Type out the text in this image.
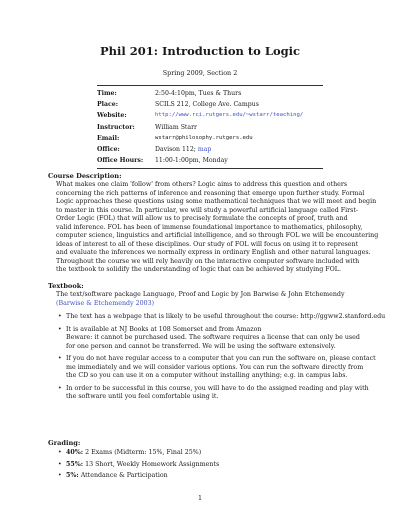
Phil 201: Introduction to Logic
Spring 2009, Section 2
Time:	2:50-4:10pm, Tues & Thurs
Place:	SCILS 212, College Ave. Campus
Website:	http://www.rci.rutgers.edu/~wstarr/teaching/
Instructor:	William Starr
Email:	wstarr@philosophy.rutgers.edu
Office:	Davison 112; map
Office Hours:	11:00-1:00pm, Monday
Course Description:
What makes one claim 'follow' from others? Logic aims to address this question and others
concerning the rich patterns of inference and reasoning that emerge upon further study. Formal
Logic approaches these questions using some mathematical techniques that we will meet and begin
to master in this course. In particular, we will study a powerful artificial language called First-
Order Logic (FOL) that will allow us to precisely formulate the concepts of proof, truth and
valid inference. FOL has been of immense foundational importance to mathematics, philosophy,
computer science, linguistics and artificial intelligence, and so through FOL we will be encountering
ideas of interest to all of these disciplines. Our study of FOL will focus on using it to represent
and evaluate the inferences we normally express in ordinary English and other natural languages.
Throughout the course we will rely heavily on the interactive computer software included with
the textbook to solidify the understanding of logic that can be achieved by studying FOL.
Textbook:
The text/software package Language, Proof and Logic by Jon Barwise & John Etchemendy
(Barwise & Etchemendy 2003)
• The text has a webpage that is likely to be useful throughout the course: http://ggww2.stanford.edu
• It is available at NJ Books at 108 Somerset and from Amazon
Beware: it cannot be purchased used. The software requires a license that can only be used
for one person and cannot be transferred. We will be using the software extensively.
• If you do not have regular access to a computer that you can run the software on, please contact
me immediately and we will consider various options. You can run the software directly from
the CD so you can use it on a computer without installing anything; e.g. in campus labs.
• In order to be successful in this course, you will have to do the assigned reading and play with
the software until you feel comfortable using it.
Grading:
• 40%: 2 Exams (Midterm: 15%, Final 25%)
• 55%: 13 Short, Weekly Homework Assignments
• 5%: Attendance & Participation
1
